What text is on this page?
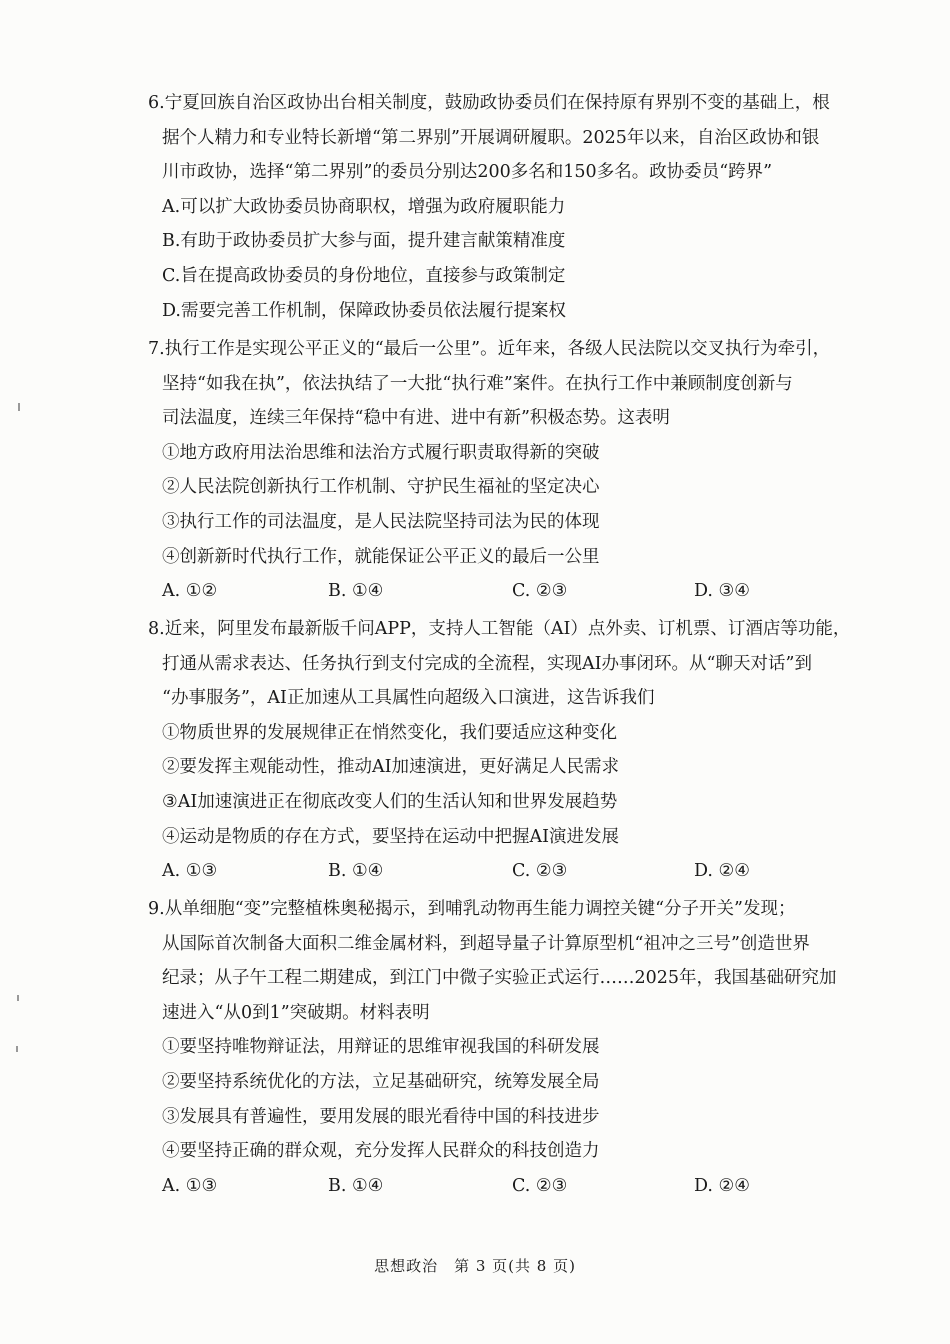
6.宁夏回族自治区政协出台相关制度，鼓励政协委员们在保持原有界别不变的基础上，根
据个人精力和专业特长新增“第二界别”开展调研履职。2025年以来，自治区政协和银
川市政协，选择“第二界别”的委员分别达200多名和150多名。政协委员“跨界”
A.可以扩大政协委员协商职权，增强为政府履职能力
B.有助于政协委员扩大参与面，提升建言献策精准度
C.旨在提高政协委员的身份地位，直接参与政策制定
D.需要完善工作机制，保障政协委员依法履行提案权
7.执行工作是实现公平正义的“最后一公里”。近年来，各级人民法院以交叉执行为牵引，
坚持“如我在执”，依法执结了一大批“执行难”案件。在执行工作中兼顾制度创新与
司法温度，连续三年保持“稳中有进、进中有新”积极态势。这表明
①地方政府用法治思维和法治方式履行职责取得新的突破
②人民法院创新执行工作机制、守护民生福祉的坚定决心
③执行工作的司法温度，是人民法院坚持司法为民的体现
④创新新时代执行工作，就能保证公平正义的最后一公里
A. ①②	B. ①④	C. ②③	D. ③④
8.近来，阿里发布最新版千问APP，支持人工智能（AI）点外卖、订机票、订酒店等功能，
打通从需求表达、任务执行到支付完成的全流程，实现AI办事闭环。从“聊天对话”到
“办事服务”，AI正加速从工具属性向超级入口演进，这告诉我们
①物质世界的发展规律正在悄然变化，我们要适应这种变化
②要发挥主观能动性，推动AI加速演进，更好满足人民需求
③AI加速演进正在彻底改变人们的生活认知和世界发展趋势
④运动是物质的存在方式，要坚持在运动中把握AI演进发展
A. ①③	B. ①④	C. ②③	D. ②④
9.从单细胞“变”完整植株奥秘揭示，到哺乳动物再生能力调控关键“分子开关”发现；
从国际首次制备大面积二维金属材料，到超导量子计算原型机“祖冲之三号”创造世界
纪录；从子午工程二期建成，到江门中微子实验正式运行……2025年，我国基础研究加
速进入“从0到1”突破期。材料表明
①要坚持唯物辩证法，用辩证的思维审视我国的科研发展
②要坚持系统优化的方法，立足基础研究，统筹发展全局
③发展具有普遍性，要用发展的眼光看待中国的科技进步
④要坚持正确的群众观，充分发挥人民群众的科技创造力
A. ①③	B. ①④	C. ②③	D. ②④
思想政治　第 3 页(共 8 页)
